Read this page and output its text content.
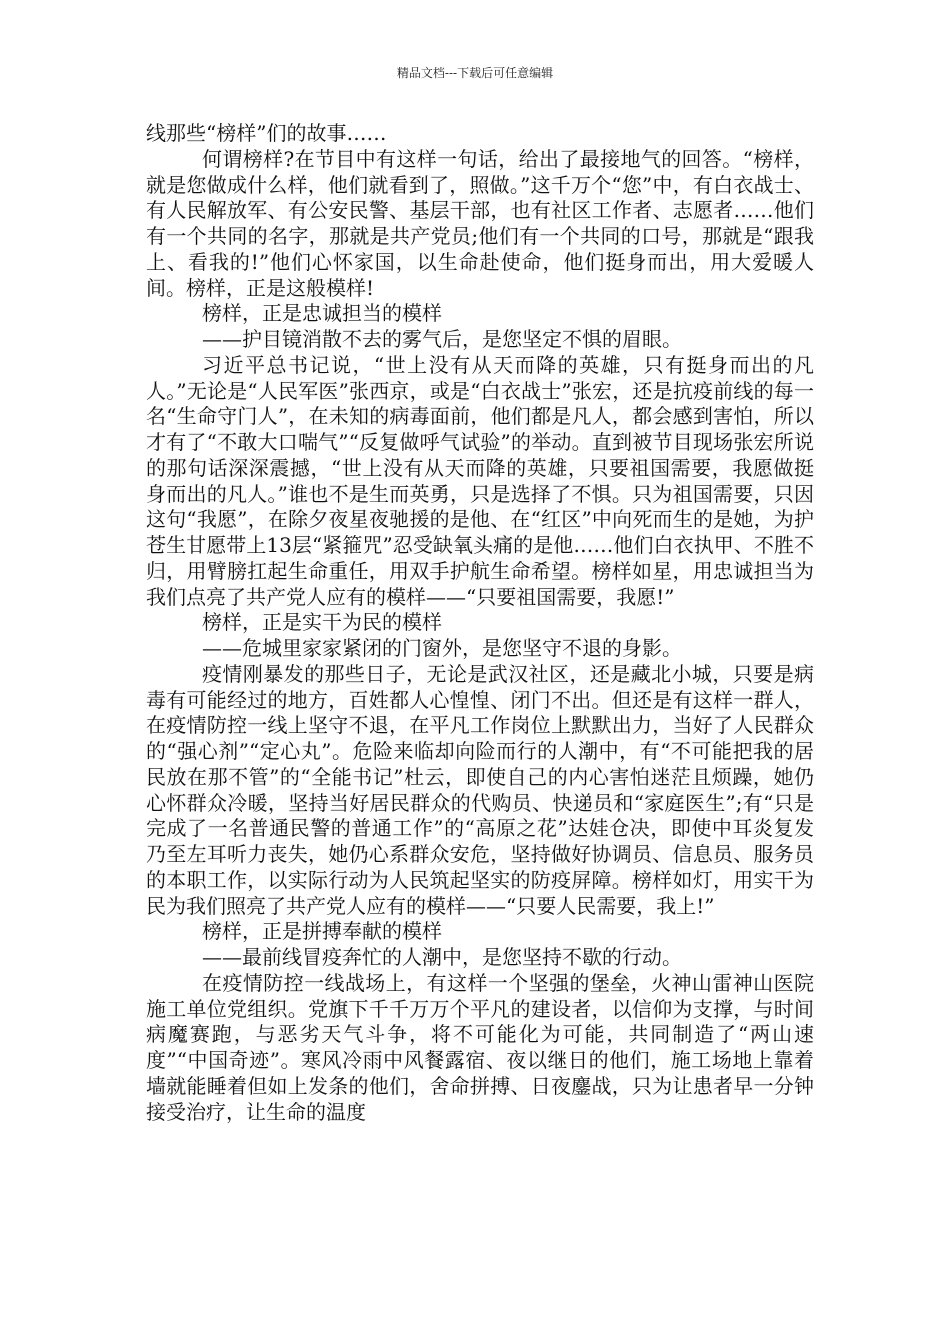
精品文档---下载后可任意编辑

线那些“榜样”们的故事……

何谓榜样?在节目中有这样一句话，给出了最接地气的回答。“榜样，就是您做成什么样，他们就看到了，照做。”这千万个“您”中，有白衣战士、有人民解放军、有公安民警、基层干部，也有社区工作者、志愿者……他们有一个共同的名字，那就是共产党员;他们有一个共同的口号，那就是“跟我上、看我的!”他们心怀家国，以生命赴使命，他们挺身而出，用大爱暖人间。榜样，正是这般模样!

榜样，正是忠诚担当的模样

——护目镜消散不去的雾气后，是您坚定不惧的眉眼。

习近平总书记说，“世上没有从天而降的英雄，只有挺身而出的凡人。”无论是“人民军医”张西京，或是“白衣战士”张宏，还是抗疫前线的每一名“生命守门人”，在未知的病毒面前，他们都是凡人，都会感到害怕，所以才有了“不敢大口喘气”“反复做呼气试验”的举动。直到被节目现场张宏所说的那句话深深震撼，“世上没有从天而降的英雄，只要祖国需要，我愿做挺身而出的凡人。”谁也不是生而英勇，只是选择了不惧。只为祖国需要，只因这句“我愿”，在除夕夜星夜驰援的是他、在“红区”中向死而生的是她，为护苍生甘愿带上13层“紧箍咒”忍受缺氧头痛的是他……他们白衣执甲、不胜不归，用臂膀扛起生命重任，用双手护航生命希望。榜样如星，用忠诚担当为我们点亮了共产党人应有的模样——“只要祖国需要，我愿!”

榜样，正是实干为民的模样

——危城里家家紧闭的门窗外，是您坚守不退的身影。

疫情刚暴发的那些日子，无论是武汉社区，还是藏北小城，只要是病毒有可能经过的地方，百姓都人心惶惶、闭门不出。但还是有这样一群人，在疫情防控一线上坚守不退，在平凡工作岗位上默默出力，当好了人民群众的“强心剂”“定心丸”。危险来临却向险而行的人潮中，有“不可能把我的居民放在那不管”的“全能书记”杜云，即使自己的内心害怕迷茫且烦躁，她仍心怀群众冷暖，坚持当好居民群众的代购员、快递员和“家庭医生”;有“只是完成了一名普通民警的普通工作”的“高原之花”达娃仓决，即使中耳炎复发乃至左耳听力丧失，她仍心系群众安危，坚持做好协调员、信息员、服务员的本职工作，以实际行动为人民筑起坚实的防疫屏障。榜样如灯，用实干为民为我们照亮了共产党人应有的模样——“只要人民需要，我上!”

榜样，正是拼搏奉献的模样

——最前线冒疫奔忙的人潮中，是您坚持不歇的行动。

在疫情防控一线战场上，有这样一个坚强的堡垒，火神山雷神山医院施工单位党组织。党旗下千千万万个平凡的建设者，以信仰为支撑，与时间病魔赛跑，与恶劣天气斗争，将不可能化为可能，共同制造了“两山速度”“中国奇迹”。寒风冷雨中风餐露宿、夜以继日的他们，施工场地上靠着墙就能睡着但如上发条的他们，舍命拼搏、日夜鏖战，只为让患者早一分钟接受治疗，让生命的温度
